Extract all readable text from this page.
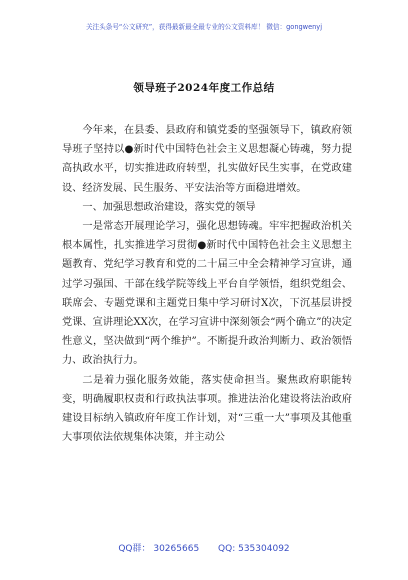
关注头条号“公文研究”，获得最新最全最专业的公文资料库！ 微信：gongwenyj
领导班子2024年度工作总结

今年来，在县委、县政府和镇党委的坚强领导下，镇政府领导班子坚持以●新时代中国特色社会主义思想凝心铸魂，努力提高执政水平，切实推进政府转型，扎实做好民生实事，在党政建设、经济发展、民生服务、平安法治等方面稳进增效。

一、加强思想政治建设，落实党的领导

一是常态开展理论学习，强化思想铸魂。牢牢把握政治机关根本属性，扎实推进学习贯彻●新时代中国特色社会主义思想主题教育、党纪学习教育和党的二十届三中全会精神学习宣讲，通过学习强国、干部在线学院等线上平台自学领悟，组织党组会、联席会、专题党课和主题党日集中学习研讨X次，下沉基层讲授党课、宣讲理论XX次，在学习宣讲中深刻领会“两个确立”的决定性意义，坚决做到“两个维护”。不断提升政治判断力、政治领悟力、政治执行力。

二是着力强化服务效能，落实使命担当。聚焦政府职能转变，明确履职权责和行政执法事项。推进法治化建设将法治政府建设目标纳入镇政府年度工作计划，对“三重一大”事项及其他重大事项依法依规集体决策，并主动公

QQ群： 30265665 QQ: 535304092
